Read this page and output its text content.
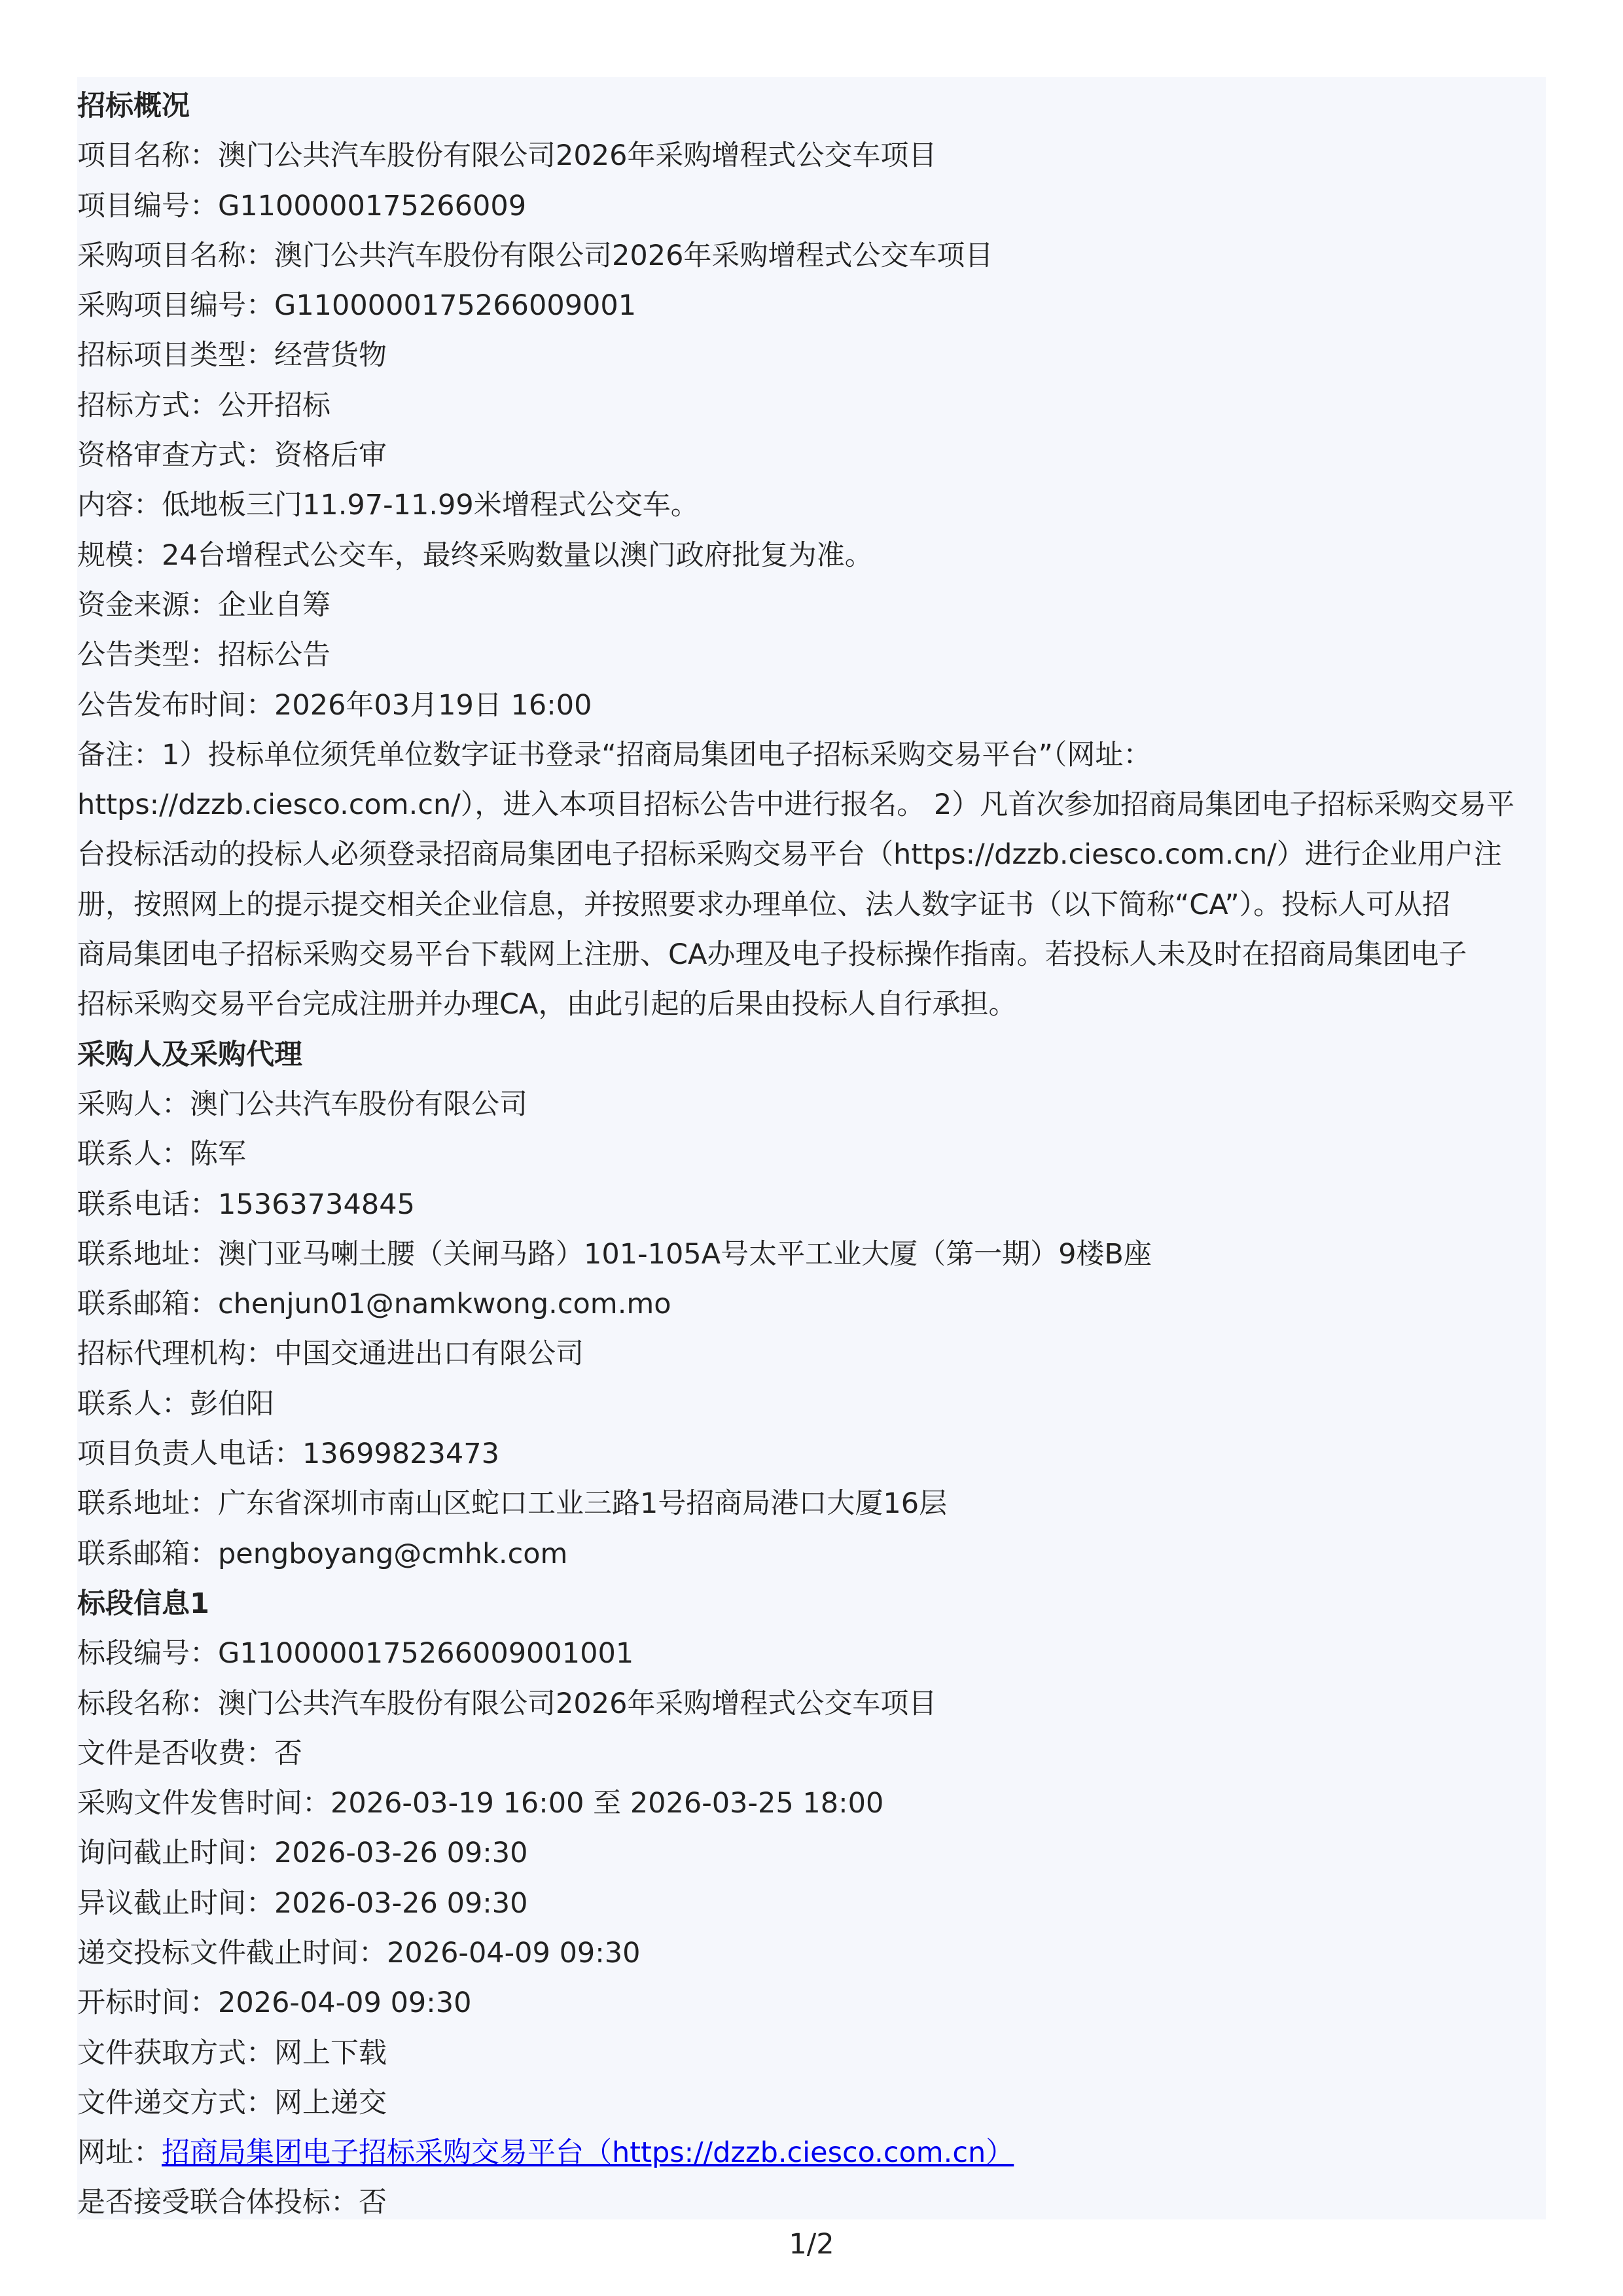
招标概况
项目名称：澳门公共汽车股份有限公司2026年采购增程式公交车项目
项目编号：G1100000175266009
采购项目名称：澳门公共汽车股份有限公司2026年采购增程式公交车项目
采购项目编号：G1100000175266009001
招标项目类型：经营货物
招标方式：公开招标
资格审查方式：资格后审
内容：低地板三门11.97-11.99米增程式公交车。
规模：24台增程式公交车，最终采购数量以澳门政府批复为准。
资金来源：企业自筹
公告类型：招标公告
公告发布时间：2026年03月19日 16:00
备注：1）投标单位须凭单位数字证书登录“招商局集团电子招标采购交易平台”（网址：
https://dzzb.ciesco.com.cn/），进入本项目招标公告中进行报名。 2）凡首次参加招商局集团电子招标采购交易平
台投标活动的投标人必须登录招商局集团电子招标采购交易平台（https://dzzb.ciesco.com.cn/）进行企业用户注
册，按照网上的提示提交相关企业信息，并按照要求办理单位、法人数字证书（以下简称“CA”）。投标人可从招
商局集团电子招标采购交易平台下载网上注册、CA办理及电子投标操作指南。若投标人未及时在招商局集团电子
招标采购交易平台完成注册并办理CA，由此引起的后果由投标人自行承担。
采购人及采购代理
采购人：澳门公共汽车股份有限公司
联系人：陈军
联系电话：15363734845
联系地址：澳门亚马喇土腰（关闸马路）101-105A号太平工业大厦（第一期）9楼B座
联系邮箱：chenjun01@namkwong.com.mo
招标代理机构：中国交通进出口有限公司
联系人：彭伯阳
项目负责人电话：13699823473
联系地址：广东省深圳市南山区蛇口工业三路1号招商局港口大厦16层
联系邮箱：pengboyang@cmhk.com
标段信息1
标段编号：G1100000175266009001001
标段名称：澳门公共汽车股份有限公司2026年采购增程式公交车项目
文件是否收费：否
采购文件发售时间：2026-03-19 16:00 至 2026-03-25 18:00
询问截止时间：2026-03-26 09:30
异议截止时间：2026-03-26 09:30
递交投标文件截止时间：2026-04-09 09:30
开标时间：2026-04-09 09:30
文件获取方式：网上下载
文件递交方式：网上递交
网址：招商局集团电子招标采购交易平台（https://dzzb.ciesco.com.cn）
是否接受联合体投标：否
1/2
